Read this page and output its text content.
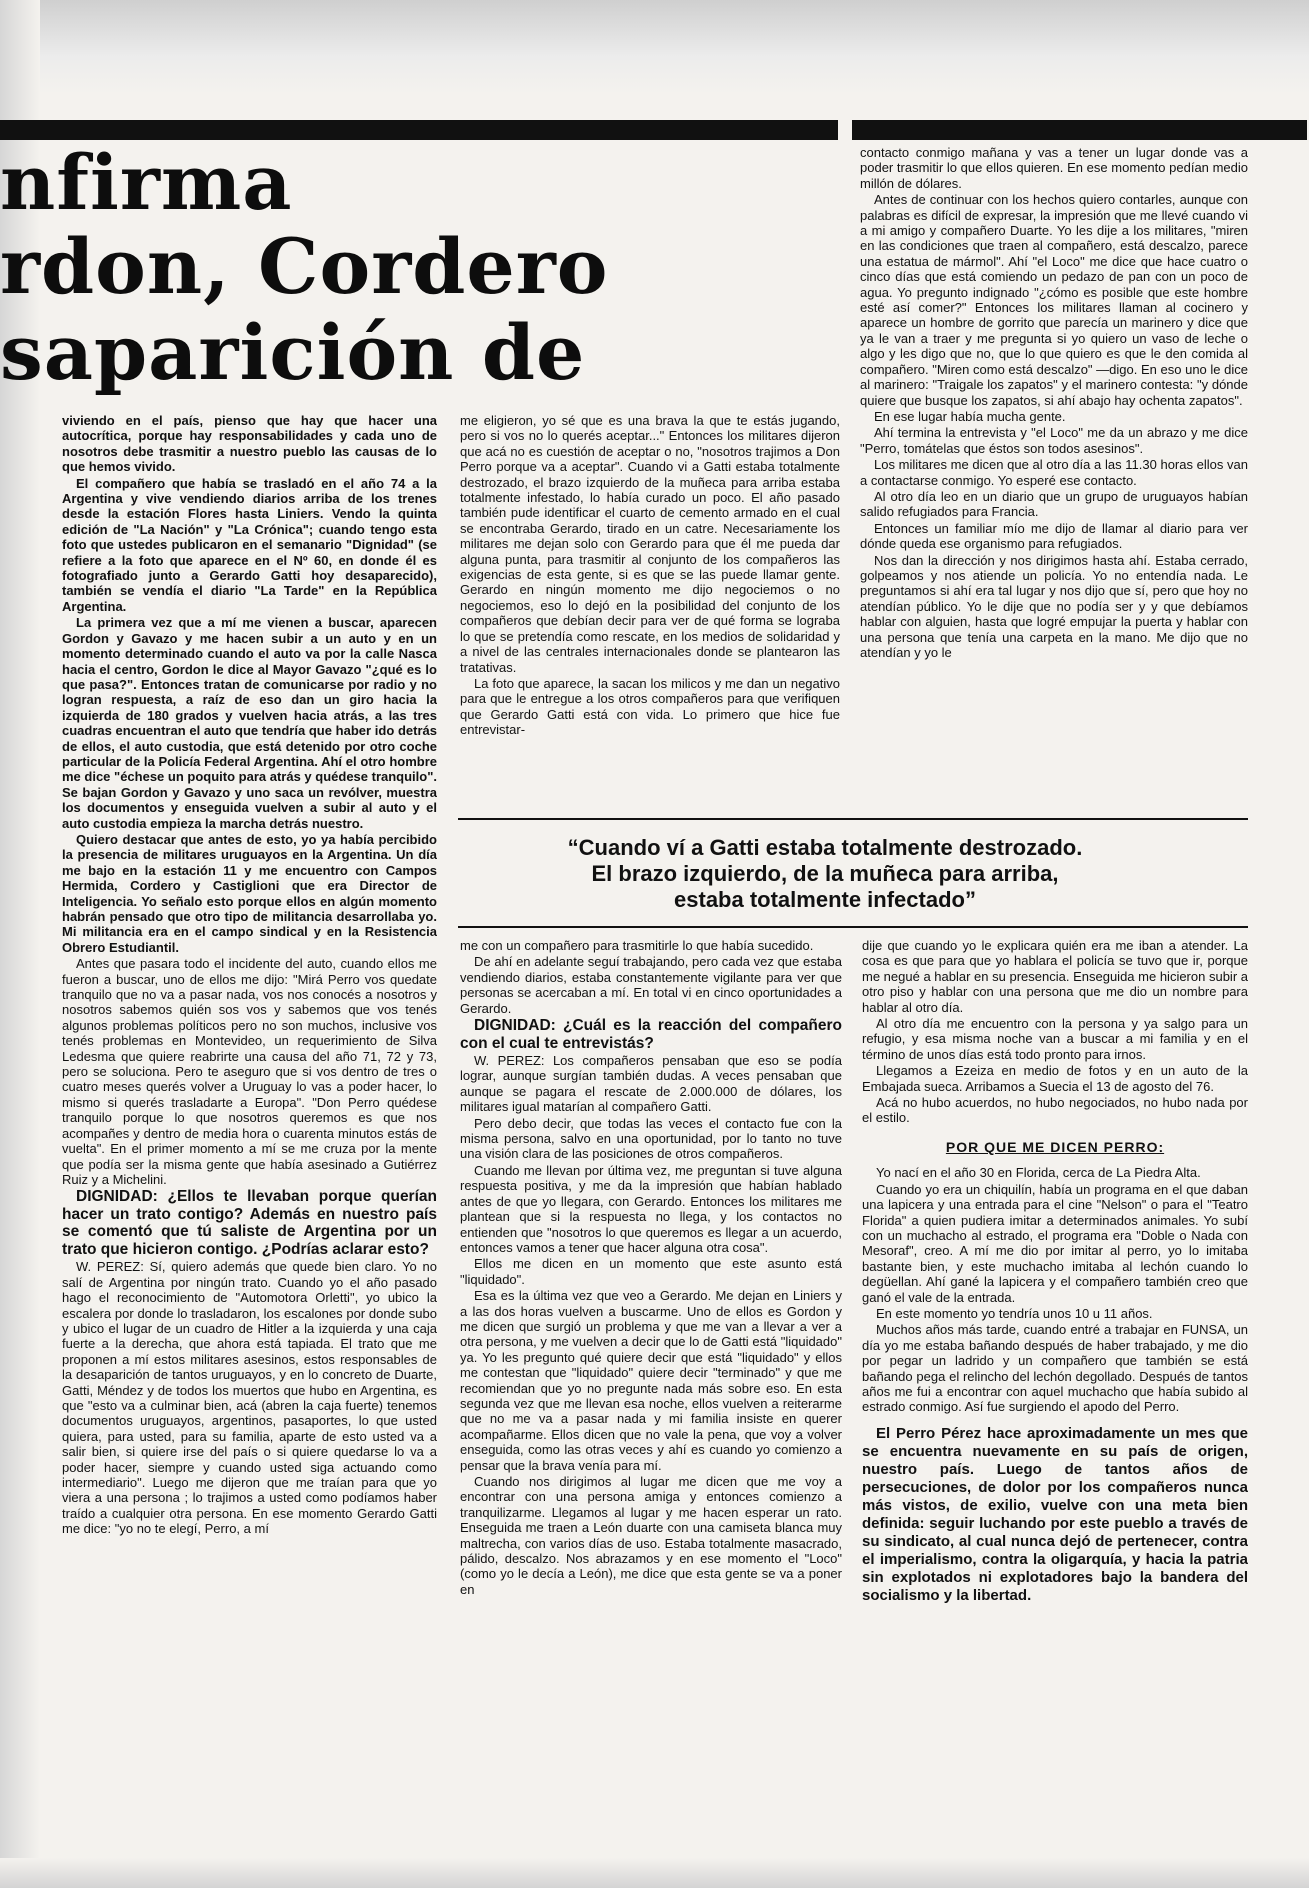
nfirma
rdon, Cordero
saparición de

viviendo en el país, pienso que hay que hacer una autocrítica, porque hay responsabilidades y cada uno de nosotros debe trasmitir a nuestro pueblo las causas de lo que hemos vivido.

El compañero que había se trasladó en el año 74 a la Argentina y vive vendiendo diarios arriba de los trenes desde la estación Flores hasta Liniers. Vendo la quinta edición de "La Nación" y "La Crónica"; cuando tengo esta foto que ustedes publicaron en el semanario "Dignidad" (se refiere a la foto que aparece en el Nº 60, en donde él es fotografiado junto a Gerardo Gatti hoy desaparecido), también se vendía el diario "La Tarde" en la República Argentina.

La primera vez que a mí me vienen a buscar, aparecen Gordon y Gavazo y me hacen subir a un auto y en un momento determinado cuando el auto va por la calle Nasca hacia el centro, Gordon le dice al Mayor Gavazo "¿qué es lo que pasa?". Entonces tratan de comunicarse por radio y no logran respuesta, a raíz de eso dan un giro hacia la izquierda de 180 grados y vuelven hacia atrás, a las tres cuadras encuentran el auto que tendría que haber ido detrás de ellos, el auto custodia, que está detenido por otro coche particular de la Policía Federal Argentina. Ahí el otro hombre me dice "échese un poquito para atrás y quédese tranquilo". Se bajan Gordon y Gavazo y uno saca un revólver, muestra los documentos y enseguida vuelven a subir al auto y el auto custodia empieza la marcha detrás nuestro.

Quiero destacar que antes de esto, yo ya había percibido la presencia de militares uruguayos en la Argentina. Un día me bajo en la estación 11 y me encuentro con Campos Hermida, Cordero y Castiglioni que era Director de Inteligencia. Yo señalo esto porque ellos en algún momento habrán pensado que otro tipo de militancia desarrollaba yo. Mi militancia era en el campo sindical y en la Resistencia Obrero Estudiantil.

Antes que pasara todo el incidente del auto, cuando ellos me fueron a buscar, uno de ellos me dijo: "Mirá Perro vos quedate tranquilo que no va a pasar nada, vos nos conocés a nosotros y nosotros sabemos quién sos vos y sabemos que vos tenés algunos problemas políticos pero no son muchos, inclusive vos tenés problemas en Montevideo, un requerimiento de Silva Ledesma que quiere reabrirte una causa del año 71, 72 y 73, pero se soluciona. Pero te aseguro que si vos dentro de tres o cuatro meses querés volver a Uruguay lo vas a poder hacer, lo mismo si querés trasladarte a Europa". "Don Perro quédese tranquilo porque lo que nosotros queremos es que nos acompañes y dentro de media hora o cuarenta minutos estás de vuelta". En el primer momento a mí se me cruza por la mente que podía ser la misma gente que había asesinado a Gutiérrez Ruiz y a Michelini.

DIGNIDAD: ¿Ellos te llevaban porque querían hacer un trato contigo? Además en nuestro país se comentó que tú saliste de Argentina por un trato que hicieron contigo. ¿Podrías aclarar esto?

W. PEREZ: Sí, quiero además que quede bien claro. Yo no salí de Argentina por ningún trato. Cuando yo el año pasado hago el reconocimiento de "Automotora Orletti", yo ubico la escalera por donde lo trasladaron, los escalones por donde subo y ubico el lugar de un cuadro de Hitler a la izquierda y una caja fuerte a la derecha, que ahora está tapiada. El trato que me proponen a mí estos militares asesinos, estos responsables de la desaparición de tantos uruguayos, y en lo concreto de Duarte, Gatti, Méndez y de todos los muertos que hubo en Argentina, es que "esto va a culminar bien, acá (abren la caja fuerte) tenemos documentos uruguayos, argentinos, pasaportes, lo que usted quiera, para usted, para su familia, aparte de esto usted va a salir bien, si quiere irse del país o si quiere quedarse lo va a poder hacer, siempre y cuando usted siga actuando como intermediario". Luego me dijeron que me traían para que yo viera a una persona ; lo trajimos a usted como podíamos haber traído a cualquier otra persona. En ese momento Gerardo Gatti me dice: "yo no te elegí, Perro, a mí

me eligieron, yo sé que es una brava la que te estás jugando, pero si vos no lo querés aceptar..." Entonces los militares dijeron que acá no es cuestión de aceptar o no, "nosotros trajimos a Don Perro porque va a aceptar". Cuando vi a Gatti estaba totalmente destrozado, el brazo izquierdo de la muñeca para arriba estaba totalmente infestado, lo había curado un poco. El año pasado también pude identificar el cuarto de cemento armado en el cual se encontraba Gerardo, tirado en un catre. Necesariamente los militares me dejan solo con Gerardo para que él me pueda dar alguna punta, para trasmitir al conjunto de los compañeros las exigencias de esta gente, si es que se las puede llamar gente. Gerardo en ningún momento me dijo negociemos o no negociemos, eso lo dejó en la posibilidad del conjunto de los compañeros que debían decir para ver de qué forma se lograba lo que se pretendía como rescate, en los medios de solidaridad y a nivel de las centrales internacionales donde se plantearon las tratativas.

La foto que aparece, la sacan los milicos y me dan un negativo para que le entregue a los otros compañeros para que verifiquen que Gerardo Gatti está con vida. Lo primero que hice fue entrevistar-

contacto conmigo mañana y vas a tener un lugar donde vas a poder trasmitir lo que ellos quieren. En ese momento pedían medio millón de dólares.

Antes de continuar con los hechos quiero contarles, aunque con palabras es difícil de expresar, la impresión que me llevé cuando vi a mi amigo y compañero Duarte. Yo les dije a los militares, "miren en las condiciones que traen al compañero, está descalzo, parece una estatua de mármol". Ahí "el Loco" me dice que hace cuatro o cinco días que está comiendo un pedazo de pan con un poco de agua. Yo pregunto indignado "¿cómo es posible que este hombre esté así comer?" Entonces los militares llaman al cocinero y aparece un hombre de gorrito que parecía un marinero y dice que ya le van a traer y me pregunta si yo quiero un vaso de leche o algo y les digo que no, que lo que quiero es que le den comida al compañero. "Miren como está descalzo" —digo. En eso uno le dice al marinero: "Traigale los zapatos" y el marinero contesta: "y dónde quiere que busque los zapatos, si ahí abajo hay ochenta zapatos".

En ese lugar había mucha gente.

Ahí termina la entrevista y "el Loco" me da un abrazo y me dice "Perro, tomátelas que éstos son todos asesinos".

Los militares me dicen que al otro día a las 11.30 horas ellos van a contactarse conmigo. Yo esperé ese contacto.

Al otro día leo en un diario que un grupo de uruguayos habían salido refugiados para Francia.

Entonces un familiar mío me dijo de llamar al diario para ver dónde queda ese organismo para refugiados.

Nos dan la dirección y nos dirigimos hasta ahí. Estaba cerrado, golpeamos y nos atiende un policía. Yo no entendía nada. Le preguntamos si ahí era tal lugar y nos dijo que sí, pero que hoy no atendían público. Yo le dije que no podía ser y y que debíamos hablar con alguien, hasta que logré empujar la puerta y hablar con una persona que tenía una carpeta en la mano. Me dijo que no atendían y yo le

“Cuando ví a Gatti estaba totalmente destrozado.
El brazo izquierdo, de la muñeca para arriba,
estaba totalmente infectado”

me con un compañero para trasmitirle lo que había sucedido.

De ahí en adelante seguí trabajando, pero cada vez que estaba vendiendo diarios, estaba constantemente vigilante para ver que personas se acercaban a mí. En total vi en cinco oportunidades a Gerardo.

DIGNIDAD: ¿Cuál es la reacción del compañero con el cual te entrevistás?

W. PEREZ: Los compañeros pensaban que eso se podía lograr, aunque surgían también dudas. A veces pensaban que aunque se pagara el rescate de 2.000.000 de dólares, los militares igual matarían al compañero Gatti.

Pero debo decir, que todas las veces el contacto fue con la misma persona, salvo en una oportunidad, por lo tanto no tuve una visión clara de las posiciones de otros compañeros.

Cuando me llevan por última vez, me preguntan si tuve alguna respuesta positiva, y me da la impresión que habían hablado antes de que yo llegara, con Gerardo. Entonces los militares me plantean que si la respuesta no llega, y los contactos no entienden que "nosotros lo que queremos es llegar a un acuerdo, entonces vamos a tener que hacer alguna otra cosa".

Ellos me dicen en un momento que este asunto está "liquidado".

Esa es la última vez que veo a Gerardo. Me dejan en Liniers y a las dos horas vuelven a buscarme. Uno de ellos es Gordon y me dicen que surgió un problema y que me van a llevar a ver a otra persona, y me vuelven a decir que lo de Gatti está "liquidado" ya. Yo les pregunto qué quiere decir que está "liquidado" y ellos me contestan que "liquidado" quiere decir "terminado" y que me recomiendan que yo no pregunte nada más sobre eso. En esta segunda vez que me llevan esa noche, ellos vuelven a reiterarme que no me va a pasar nada y mi familia insiste en querer acompañarme. Ellos dicen que no vale la pena, que voy a volver enseguida, como las otras veces y ahí es cuando yo comienzo a pensar que la brava venía para mí.

Cuando nos dirigimos al lugar me dicen que me voy a encontrar con una persona amiga y entonces comienzo a tranquilizarme. Llegamos al lugar y me hacen esperar un rato. Enseguida me traen a León duarte con una camiseta blanca muy maltrecha, con varios días de uso. Estaba totalmente masacrado, pálido, descalzo. Nos abrazamos y en ese momento el "Loco" (como yo le decía a León), me dice que esta gente se va a poner en

dije que cuando yo le explicara quién era me iban a atender. La cosa es que para que yo hablara el policía se tuvo que ir, porque me negué a hablar en su presencia. Enseguida me hicieron subir a otro piso y hablar con una persona que me dio un nombre para hablar al otro día.

Al otro día me encuentro con la persona y ya salgo para un refugio, y esa misma noche van a buscar a mi familia y en el término de unos días está todo pronto para irnos.

Llegamos a Ezeiza en medio de fotos y en un auto de la Embajada sueca. Arribamos a Suecia el 13 de agosto del 76.

Acá no hubo acuerdos, no hubo negociados, no hubo nada por el estilo.

POR QUE ME DICEN PERRO:

Yo nací en el año 30 en Florida, cerca de La Piedra Alta.

Cuando yo era un chiquilín, había un programa en el que daban una lapicera y una entrada para el cine "Nelson" o para el "Teatro Florida" a quien pudiera imitar a determinados animales. Yo subí con un muchacho al estrado, el programa era "Doble o Nada con Mesoraf", creo. A mí me dio por imitar al perro, yo lo imitaba bastante bien, y este muchacho imitaba al lechón cuando lo degüellan. Ahí gané la lapicera y el compañero también creo que ganó el vale de la entrada.

En este momento yo tendría unos 10 u 11 años.

Muchos años más tarde, cuando entré a trabajar en FUNSA, un día yo me estaba bañando después de haber trabajado, y me dio por pegar un ladrido y un compañero que también se está bañando pega el relincho del lechón degollado. Después de tantos años me fui a encontrar con aquel muchacho que había subido al estrado conmigo. Así fue surgiendo el apodo del Perro.

El Perro Pérez hace aproximadamente un mes que se encuentra nuevamente en su país de origen, nuestro país. Luego de tantos años de persecuciones, de dolor por los compañeros nunca más vistos, de exilio, vuelve con una meta bien definida: seguir luchando por este pueblo a través de su sindicato, al cual nunca dejó de pertenecer, contra el imperialismo, contra la oligarquía, y hacia la patria sin explotados ni explotadores bajo la bandera del socialismo y la libertad.
